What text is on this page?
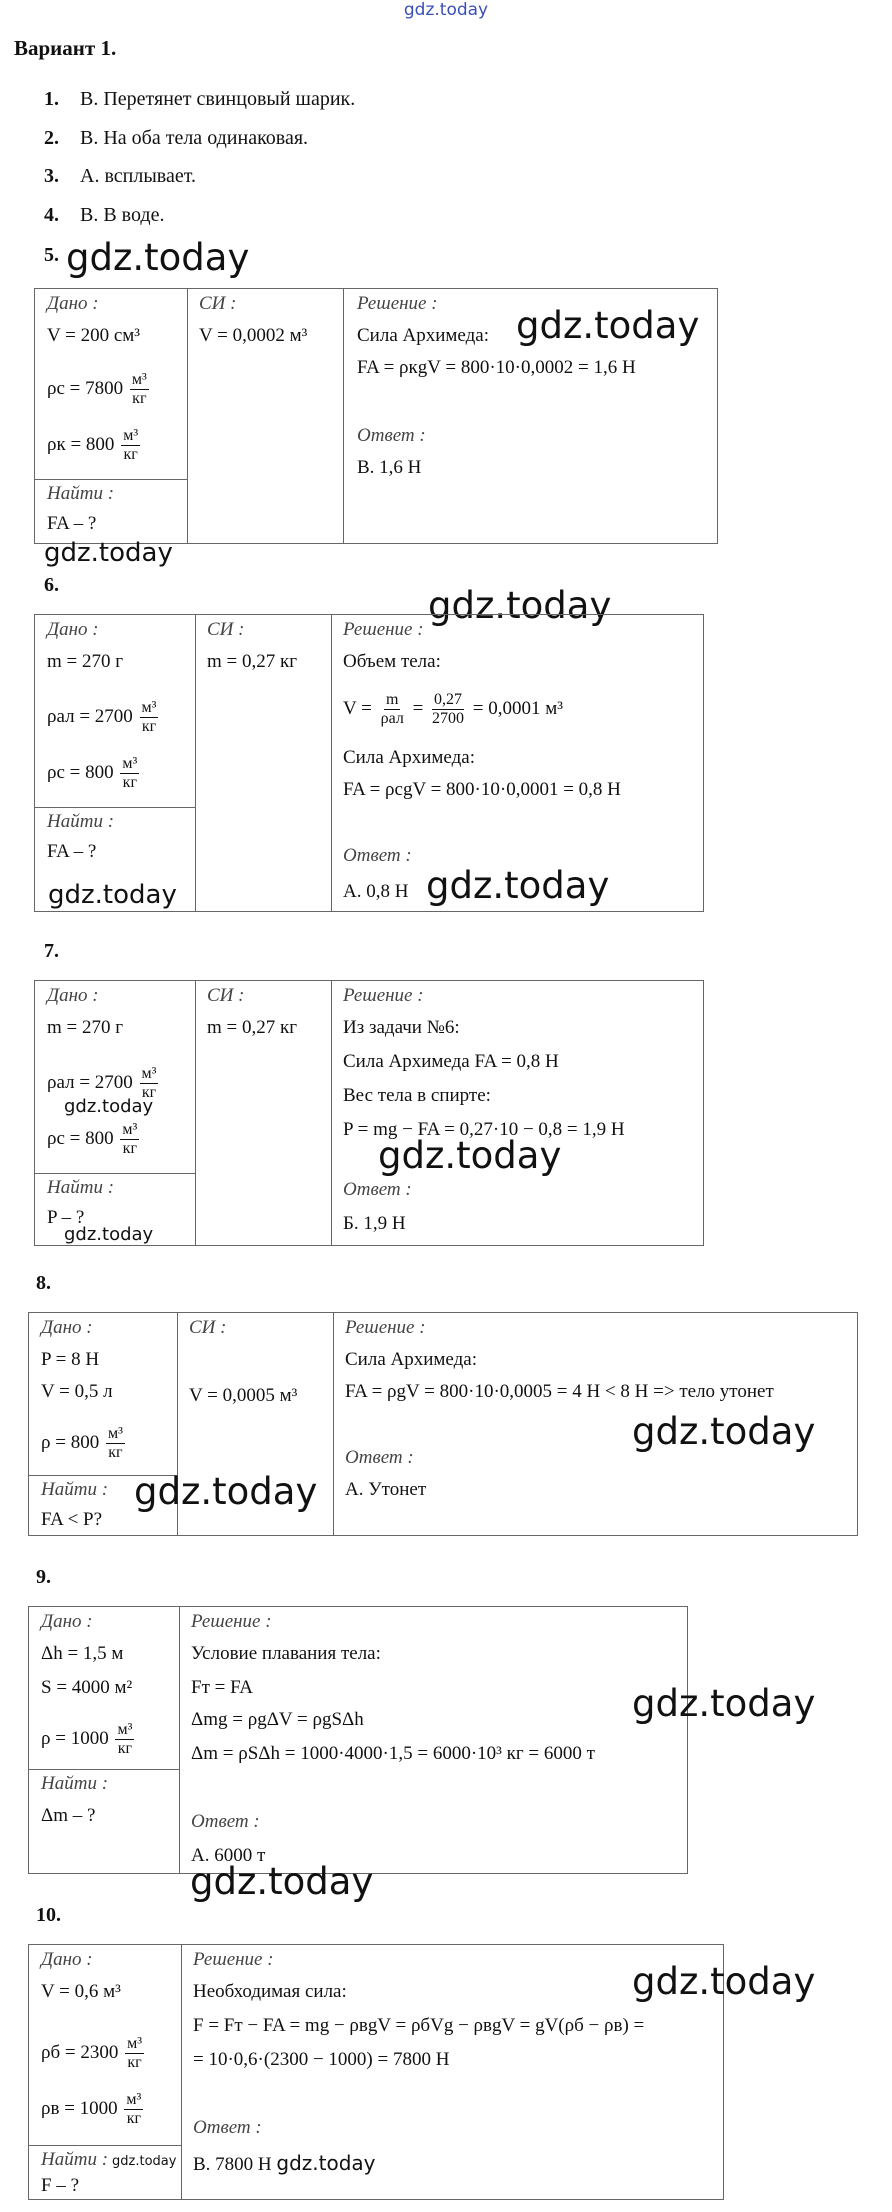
gdz.today
Вариант 1.
1.	В. Перетянет свинцовый шарик.
2.	В. На оба тела одинаковая.
3.	А. всплывает.
4.	В. В воде.
5. gdz.today
Дано :
V = 200 см³
$\rho с = 7800 \frac{\text{м³}}{кг}$
$\rho к = 800 \frac{\text{м³}}{кг}$
Найти :
FA – ?
СИ :
V = 0,0002 м³
Решение :
Сила Архимеда:
FA = ρкgV = 800·10·0,0002 = 1,6 Н
Ответ :
В. 1,6 Н
gdz.today
gdz.today
6.	gdz.today
Дано :
m = 270 г
$\rho ал = 2700 \frac{\text{м³}}{кг}$
$\rho с = 800 \frac{\text{м³}}{кг}$
Найти :
FA – ?
СИ :
m = 0,27 кг
Решение :
Объем тела:
$V = \frac{m}{\text{ρал}} = \frac{0,27}{2700} = 0,0001$ м³
Сила Архимеда:
FA = ρсgV = 800·10·0,0001 = 0,8 Н
Ответ :
А. 0,8 Н
gdz.today	gdz.today
7.
Дано :
m = 270 г
$\rho ал = 2700 \frac{\text{м³}}{кг}$
$\rho с = 800 \frac{\text{м³}}{кг}$
Найти :
P – ?
СИ :
m = 0,27 кг
Решение :
Из задачи №6:
Сила Архимеда FA = 0,8 Н
Вес тела в спирте:
P = mg − FA = 0,27·10 − 0,8 = 1,9 Н
Ответ :
Б. 1,9 Н
gdz.today
gdz.today
gdz.today
8.
Дано :
P = 8 Н
V = 0,5 л
$\rho = 800 \frac{\text{м³}}{кг}$
Найти :
FA < P?
СИ :
V = 0,0005 м³
Решение :
Сила Архимеда:
FA = ρgV = 800·10·0,0005 = 4 Н < 8 Н => тело утонет
Ответ :
А. Утонет
gdz.today
gdz.today
9.
Дано :
Δh = 1,5 м
S = 4000 м²
$\rho = 1000 \frac{\text{м³}}{кг}$
Найти :
Δm – ?
Решение :
Условие плавания тела:
Fт = FA
Δmg = ρgΔV = ρgSΔh
Δm = ρSΔh = 1000·4000·1,5 = 6000·10³ кг = 6000 т
Ответ :
А. 6000 т
gdz.today
gdz.today
10.
Дано :
V = 0,6 м³
$\rho б = 2300 \frac{\text{м³}}{кг}$
$\rho в = 1000 \frac{\text{м³}}{кг}$
Найти : gdz.today
F – ?
Решение :
Необходимая сила:
F = Fт − FA = mg − ρвgV = ρбVg − ρвgV = gV(ρб − ρв) =
= 10·0,6·(2300 − 1000) = 7800 Н
Ответ :
В. 7800 Н gdz.today
gdz.today
